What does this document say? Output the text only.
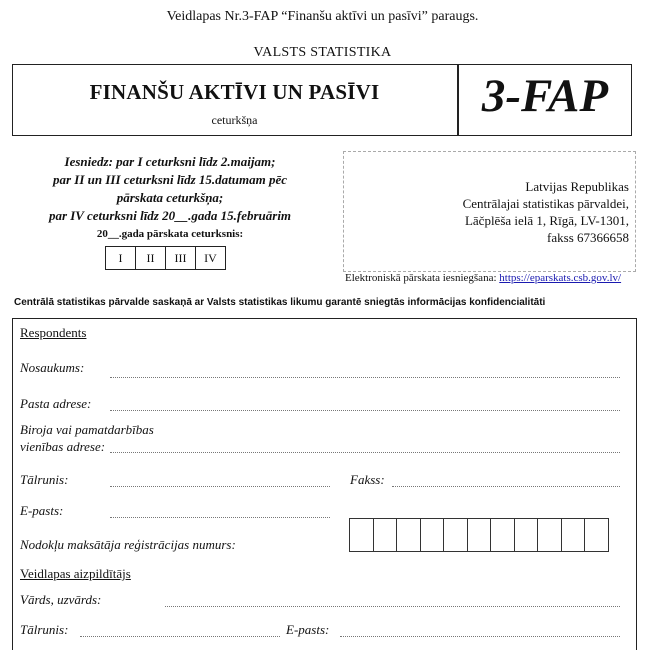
Veidlapas Nr.3-FAP “Finanšu aktīvi un pasīvi” paraugs.
VALSTS STATISTIKA
FINANŠU AKTĪVI UN PASĪVI
ceturkšņa	3-FAP
Iesniedz: par I ceturksni līdz 2.maijam;
par II un III ceturksni līdz 15.datumam pēc
pārskata ceturkšņa;
par IV ceturksni līdz 20__.gada 15.februārim
20__.gada pārskata ceturksnis:
I	II	III	IV
Latvijas Republikas
Centrālajai statistikas pārvaldei,
Lāčplēša ielā 1, Rīgā, LV-1301,
fakss 67366658
Elektroniskā pārskata iesniegšana: https://eparskats.csb.gov.lv/
Centrālā statistikas pārvalde saskaņā ar Valsts statistikas likumu garantē sniegtās informācijas konfidencialitāti
Respondents
Nosaukums:
Pasta adrese:
Biroja vai pamatdarbības
vienības adrese:
Tālrunis:	Fakss:
E-pasts:
Nodokļu maksātāja reģistrācijas numurs:
Veidlapas aizpildītājs
Vārds, uzvārds:
Tālrunis:	E-pasts:
